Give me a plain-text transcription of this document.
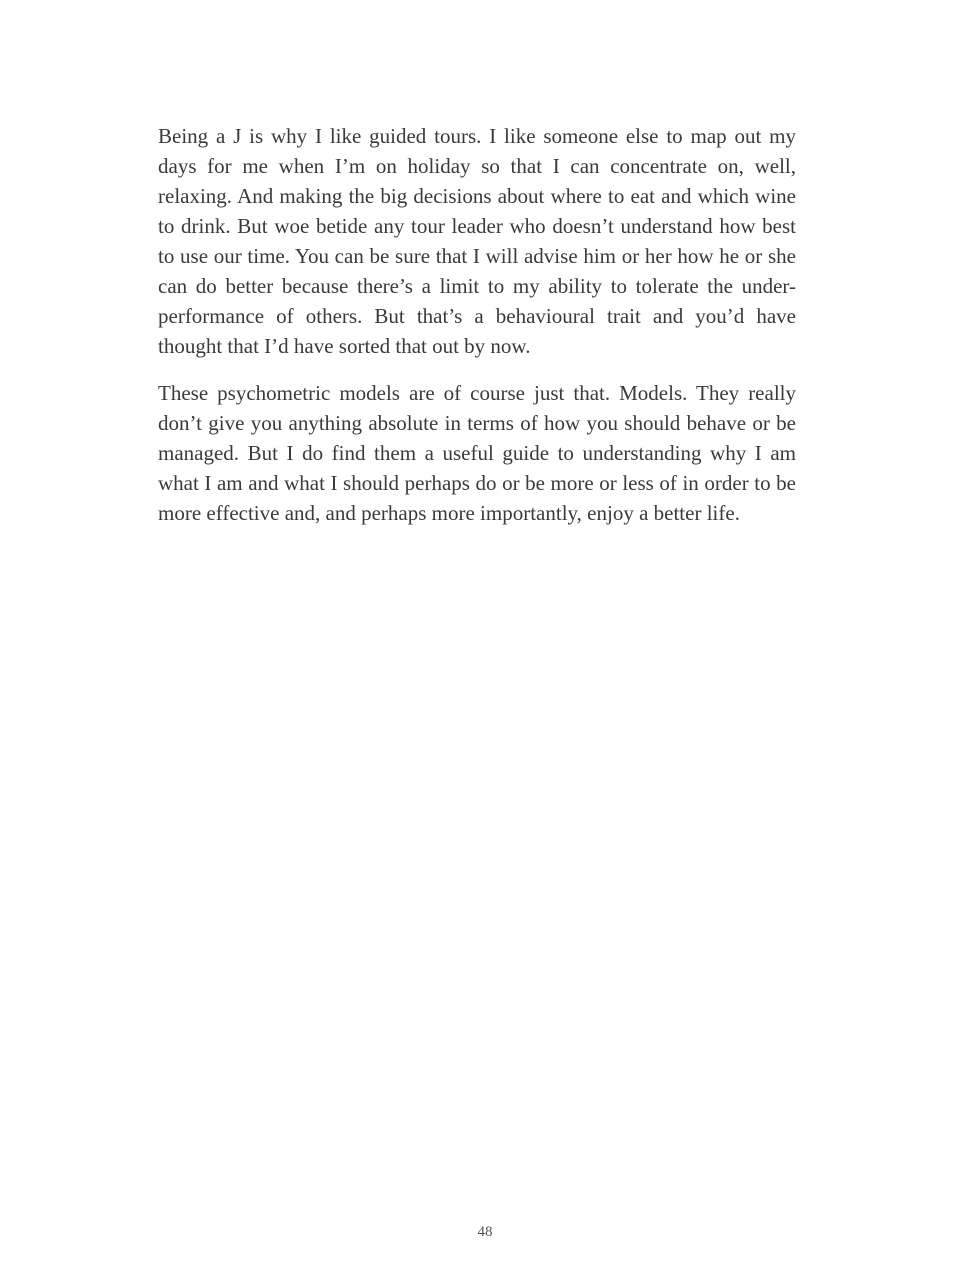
Being a J is why I like guided tours. I like someone else to map out my days for me when I’m on holiday so that I can concentrate on, well, relaxing. And making the big decisions about where to eat and which wine to drink. But woe betide any tour leader who doesn’t understand how best to use our time. You can be sure that I will advise him or her how he or she can do better because there’s a limit to my ability to tolerate the under-performance of others. But that’s a behavioural trait and you’d have thought that I’d have sorted that out by now.

These psychometric models are of course just that. Models. They really don’t give you anything absolute in terms of how you should behave or be managed. But I do find them a useful guide to understanding why I am what I am and what I should perhaps do or be more or less of in order to be more effective and, and perhaps more importantly, enjoy a better life.

48
